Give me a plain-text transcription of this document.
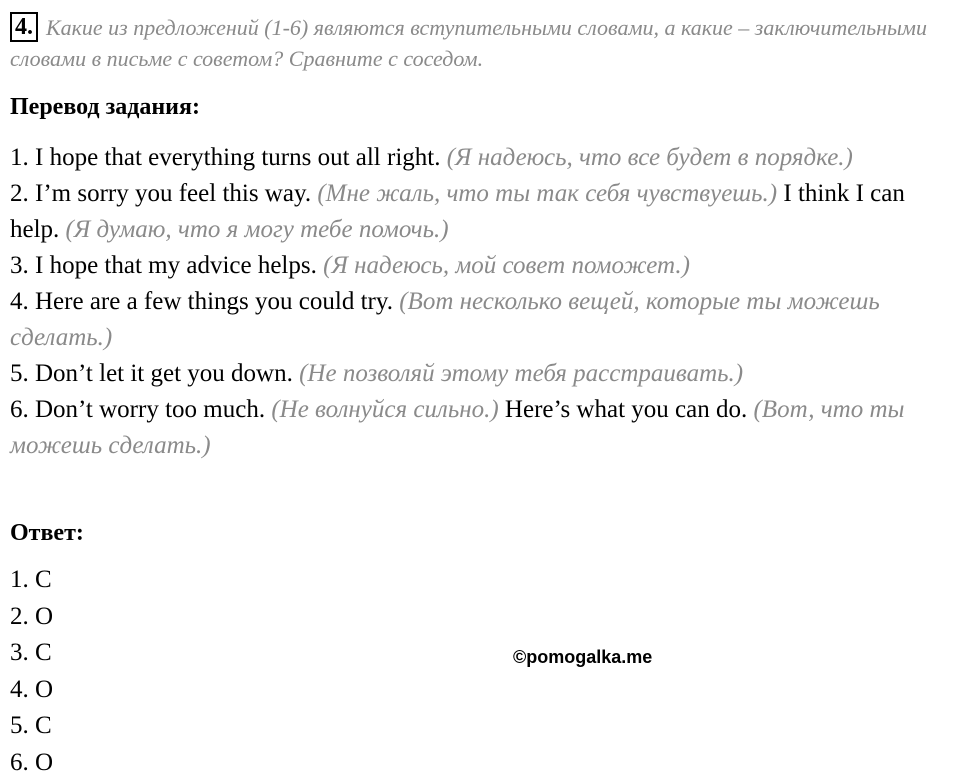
4. Какие из предложений (1-6) являются вступительными словами, а какие – заключительными словами в письме с советом? Сравните с соседом.
Перевод задания:

1. I hope that everything turns out all right. (Я надеюсь, что все будет в порядке.)

2. I’m sorry you feel this way. (Мне жаль, что ты так себя чувствуешь.) I think I can help. (Я думаю, что я могу тебе помочь.)

3. I hope that my advice helps. (Я надеюсь, мой совет поможет.)

4. Here are a few things you could try. (Вот несколько вещей, которые ты можешь сделать.)

5. Don’t let it get you down. (Не позволяй этому тебя расстраивать.)

6. Don’t worry too much. (Не волнуйся сильно.) Here’s what you can do. (Вот, что ты можешь сделать.)

Ответ:

1. C

2. O

3. C

4. O

5. C

6. O

©pomogalka.me
